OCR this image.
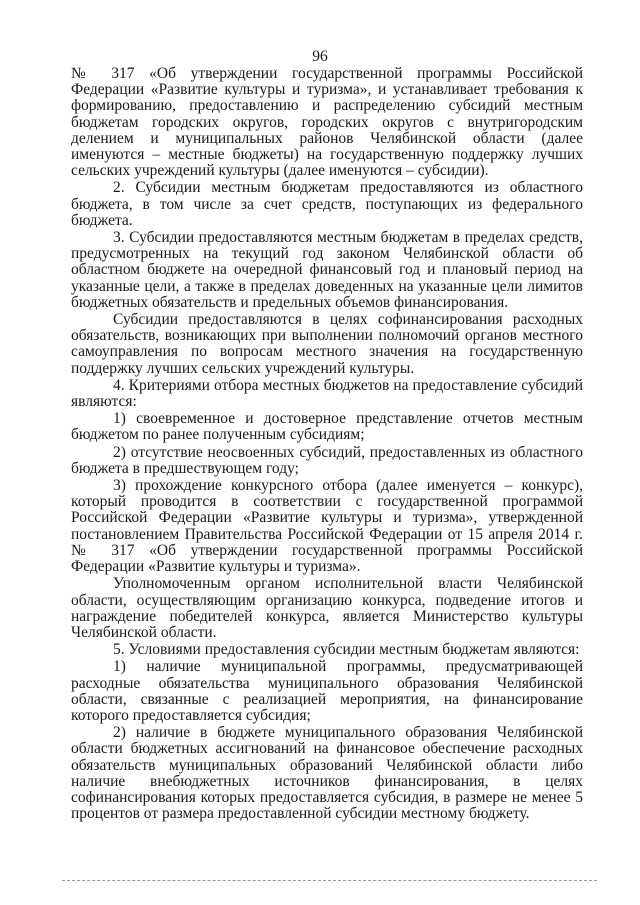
96

№ 317 «Об утверждении государственной программы Российской Федерации «Развитие культуры и туризма», и устанавливает требования к формированию, предоставлению и распределению субсидий местным бюджетам городских округов, городских округов с внутригородским делением и муниципальных районов Челябинской области (далее именуются – местные бюджеты) на государственную поддержку лучших сельских учреждений культуры (далее именуются – субсидии).

2. Субсидии местным бюджетам предоставляются из областного бюджета, в том числе за счет средств, поступающих из федерального бюджета.

3. Субсидии предоставляются местным бюджетам в пределах средств, предусмотренных на текущий год законом Челябинской области об областном бюджете на очередной финансовый год и плановый период на указанные цели, а также в пределах доведенных на указанные цели лимитов бюджетных обязательств и предельных объемов финансирования.

Субсидии предоставляются в целях софинансирования расходных обязательств, возникающих при выполнении полномочий органов местного самоуправления по вопросам местного значения на государственную поддержку лучших сельских учреждений культуры.

4. Критериями отбора местных бюджетов на предоставление субсидий являются:

1) своевременное и достоверное представление отчетов местным бюджетом по ранее полученным субсидиям;

2) отсутствие неосвоенных субсидий, предоставленных из областного бюджета в предшествующем году;

3) прохождение конкурсного отбора (далее именуется – конкурс), который проводится в соответствии с государственной программой Российской Федерации «Развитие культуры и туризма», утвержденной постановлением Правительства Российской Федерации от 15 апреля 2014 г. № 317 «Об утверждении государственной программы Российской Федерации «Развитие культуры и туризма».

Уполномоченным органом исполнительной власти Челябинской области, осуществляющим организацию конкурса, подведение итогов и награждение победителей конкурса, является Министерство культуры Челябинской области.

5. Условиями предоставления субсидии местным бюджетам являются:

1) наличие муниципальной программы, предусматривающей расходные обязательства муниципального образования Челябинской области, связанные с реализацией мероприятия, на финансирование которого предоставляется субсидия;

2) наличие в бюджете муниципального образования Челябинской области бюджетных ассигнований на финансовое обеспечение расходных обязательств муниципальных образований Челябинской области либо наличие внебюджетных источников финансирования, в целях софинансирования которых предоставляется субсидия, в размере не менее 5 процентов от размера предоставленной субсидии местному бюджету.
